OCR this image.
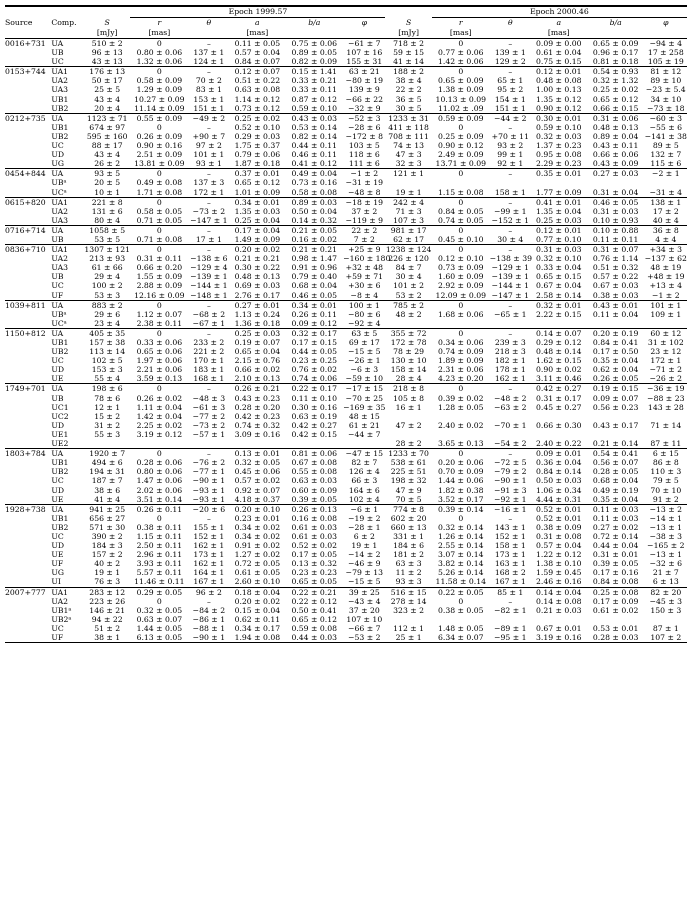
			Epoch 1999.57						Epoch 2000.46				
Source	Comp.	S	r	θ	a	b/a	φ	S	r	θ	a	b/a	φ
		[mJy]	[mas]		[mas]			[mJy]	[mas]		[mas]		
0016+731	UA	510 ± 2	0	–	0.11 ± 0.05	0.75 ± 0.06	−61 ± 7	718 ± 2	0	–	0.09 ± 0.00	0.65 ± 0.09	−94 ± 4
	UB	96 ± 13	0.80 ± 0.06	137 ± 1	0.57 ± 0.04	0.89 ± 0.05	107 ± 16	59 ± 15	0.77 ± 0.06	139 ± 1	0.61 ± 0.04	0.96 ± 0.17	17 ± 258
	UC	43 ± 13	1.32 ± 0.06	124 ± 1	0.84 ± 0.07	0.82 ± 0.09	155 ± 31	41 ± 14	1.42 ± 0.06	129 ± 2	0.75 ± 0.15	0.81 ± 0.18	105 ± 19
0153+744	UA1	176 ± 13	0	–	0.12 ± 0.07	0.15 ± 1.41	63 ± 21	188 ± 2	0	–	0.12 ± 0.01	0.54 ± 0.93	81 ± 12
	UA2	50 ± 17	0.58 ± 0.09	70 ± 2	0.51 ± 0.22	0.33 ± 0.21	−80 ± 19	38 ± 4	0.65 ± 0.09	65 ± 1	0.48 ± 0.08	0.32 ± 1.32	89 ± 10
	UA3	25 ± 5	1.29 ± 0.09	83 ± 1	0.63 ± 0.08	0.33 ± 0.11	139 ± 9	22 ± 2	1.38 ± 0.09	95 ± 2	1.00 ± 0.13	0.25 ± 0.02	−23 ± 5.4
	UB1	43 ± 4	10.27 ± 0.09	153 ± 1	1.14 ± 0.12	0.87 ± 0.12	−66 ± 22	36 ± 5	10.13 ± 0.09	154 ± 1	1.35 ± 0.12	0.65 ± 0.12	34 ± 10
	UB2	20 ± 4	11.14 ± 0.09	151 ± 1	0.73 ± 0.12	0.59 ± 0.10	−32 ± 9	30 ± 5	11.02 ± .09	151 ± 1	0.90 ± 0.12	0.66 ± 0.15	−73 ± 18
0212+735	UA	1123 ± 71	0.55 ± 0.09	−49 ± 2	0.25 ± 0.02	0.43 ± 0.03	−52 ± 3	1233 ± 31	0.59 ± 0.09	−44 ± 2	0.30 ± 0.01	0.31 ± 0.06	−60 ± 3
	UB1	674 ± 97	0	–	0.52 ± 0.10	0.53 ± 0.14	−28 ± 6	411 ± 118	0	–	0.59 ± 0.10	0.48 ± 0.13	−55 ± 6
	UB2	595 ± 160	0.26 ± 0.09	+90 ± 7	0.29 ± 0.03	0.82 ± 0.14	−172 ± 8	708 ± 111	0.25 ± 0.09	+70 ± 11	0.32 ± 0.03	0.89 ± 0.04	−141 ± 38
	UC	88 ± 17	0.90 ± 0.16	97 ± 2	1.75 ± 0.37	0.44 ± 0.11	103 ± 5	74 ± 13	0.90 ± 0.12	93 ± 2	1.37 ± 0.23	0.43 ± 0.11	89 ± 5
	UD	43 ± 4	2.51 ± 0.09	101 ± 1	0.79 ± 0.06	0.46 ± 0.11	118 ± 6	47 ± 3	2.49 ± 0.09	99 ± 1	0.95 ± 0.08	0.66 ± 0.06	132 ± 7
	UG	26 ± 2	13.81 ± 0.09	93 ± 1	1.87 ± 0.18	0.41 ± 0.12	111 ± 6	32 ± 3	13.71 ± 0.09	92 ± 1	2.29 ± 0.23	0.43 ± 0.09	115 ± 6
0454+844	UA	93 ± 5	0	–	0.37 ± 0.01	0.49 ± 0.04	−1 ± 2	121 ± 1	0	–	0.35 ± 0.01	0.27 ± 0.03	−2 ± 1
	UBᵃ	20 ± 5	0.49 ± 0.08	137 ± 3	0.65 ± 0.12	0.73 ± 0.16	−31 ± 19						
	UCᵃ	10 ± 1	1.71 ± 0.08	172 ± 1	1.01 ± 0.09	0.58 ± 0.08	−48 ± 8	19 ± 1	1.15 ± 0.08	158 ± 1	1.77 ± 0.09	0.31 ± 0.04	−31 ± 4
0615+820	UA1	221 ± 8	0	–	0.34 ± 0.01	0.89 ± 0.03	−18 ± 19	242 ± 4	0	–	0.41 ± 0.01	0.46 ± 0.05	138 ± 1
	UA2	131 ± 6	0.58 ± 0.05	−73 ± 2	1.35 ± 0.03	0.50 ± 0.04	37 ± 2	71 ± 3	0.84 ± 0.05	−99 ± 1	1.35 ± 0.04	0.31 ± 0.03	17 ± 2
	UA3	80 ± 4	0.71 ± 0.05	−147 ± 1	0.25 ± 0.04	0.14 ± 0.32	−119 ± 9	107 ± 3	0.74 ± 0.05	−152 ± 1	0.25 ± 0.03	0.10 ± 0.93	40 ± 4
0716+714	UA	1058 ± 5	0	–	0.17 ± 0.04	0.21 ± 0.05	22 ± 2	981 ± 17	0	–	0.12 ± 0.01	0.10 ± 0.88	36 ± 8
	UB	53 ± 5	0.71 ± 0.08	17 ± 1	1.49 ± 0.09	0.16 ± 0.02	7 ± 2	62 ± 17	0.45 ± 0.10	30 ± 4	0.77 ± 0.10	0.11 ± 0.11	4 ± 4
0836+710	UA1	1307 ± 121	0	–	0.20 ± 0.02	0.21 ± 0.21	+25 ± 9	1238 ± 124	0	–	0.31 ± 0.03	0.31 ± 0.07	+34 ± 3
	UA2	213 ± 93	0.31 ± 0.11	−138 ± 6	0.21 ± 0.21	0.98 ± 1.47	−160 ± 180	226 ± 120	0.12 ± 0.10	−138 ± 39	0.32 ± 0.10	0.76 ± 1.14	−137 ± 62
	UA3	61 ± 66	0.66 ± 0.20	−129 ± 4	0.30 ± 0.22	0.91 ± 0.96	+32 ± 48	84 ± 7	0.73 ± 0.09	−129 ± 1	0.33 ± 0.04	0.51 ± 0.32	48 ± 19
	UB	29 ± 4	1.55 ± 0.09	−139 ± 1	0.48 ± 0.13	0.79 ± 0.40	+59 ± 71	30 ± 4	1.60 ± 0.09	−139 ± 1	0.65 ± 0.15	0.57 ± 0.22	+48 ± 19
	UC	100 ± 2	2.88 ± 0.09	−144 ± 1	0.69 ± 0.03	0.68 ± 0.04	+30 ± 6	101 ± 2	2.92 ± 0.09	−144 ± 1	0.67 ± 0.04	0.67 ± 0.03	+13 ± 4
	UF	53 ± 3	12.16 ± 0.09	−148 ± 1	2.76 ± 0.17	0.46 ± 0.05	−8 ± 4	53 ± 2	12.09 ± 0.09	−147 ± 1	2.58 ± 0.14	0.38 ± 0.03	−1 ± 2
1039+811	UA	883 ± 2	0	–	0.27 ± 0.01	0.34 ± 0.01	100 ± 1	785 ± 2	0	–	0.32 ± 0.01	0.43 ± 0.01	101 ± 1
	UBᵃ	29 ± 6	1.12 ± 0.07	−68 ± 2	1.13 ± 0.24	0.26 ± 0.11	−80 ± 6	48 ± 2	1.68 ± 0.06	−65 ± 1	2.22 ± 0.15	0.11 ± 0.04	109 ± 1
	UCᵃ	23 ± 4	2.38 ± 0.11	−67 ± 1	1.36 ± 0.18	0.09 ± 0.12	−92 ± 4						
1150+812	UA	405 ± 35	0	–	0.25 ± 0.03	0.32 ± 0.17	63 ± 5	355 ± 72	0	–	0.14 ± 0.07	0.20 ± 0.19	60 ± 12
	UB1	157 ± 38	0.33 ± 0.06	233 ± 2	0.19 ± 0.07	0.17 ± 0.15	69 ± 17	172 ± 78	0.34 ± 0.06	239 ± 3	0.29 ± 0.12	0.84 ± 0.41	31 ± 102
	UB2	113 ± 14	0.65 ± 0.06	221 ± 2	0.65 ± 0.04	0.44 ± 0.05	−15 ± 5	78 ± 29	0.74 ± 0.09	218 ± 3	0.48 ± 0.14	0.17 ± 0.50	23 ± 12
	UC	102 ± 5	1.97 ± 0.06	170 ± 1	2.15 ± 0.76	0.23 ± 0.25	−26 ± 1	130 ± 10	1.89 ± 0.09	182 ± 1	1.62 ± 0.15	0.35 ± 0.04	172 ± 1
	UD	153 ± 3	2.21 ± 0.06	183 ± 1	0.66 ± 0.02	0.76 ± 0.02	−6 ± 3	158 ± 14	2.31 ± 0.06	178 ± 1	0.90 ± 0.02	0.62 ± 0.04	−71 ± 2
	UE	55 ± 4	3.59 ± 0.13	168 ± 1	2.10 ± 0.13	0.74 ± 0.06	−59 ± 10	28 ± 4	4.23 ± 0.20	162 ± 1	3.11 ± 0.46	0.26 ± 0.05	−26 ± 2
1749+701	UA	198 ± 6	0	–	0.26 ± 0.21	0.22 ± 0.17	−17 ± 15	218 ± 8	0	–	0.42 ± 0.27	0.19 ± 0.15	−36 ± 19
	UB	78 ± 6	0.26 ± 0.02	−48 ± 3	0.43 ± 0.23	0.11 ± 0.10	−70 ± 25	105 ± 8	0.39 ± 0.02	−48 ± 2	0.31 ± 0.17	0.09 ± 0.07	−88 ± 23
	UC1	12 ± 1	1.11 ± 0.04	−61 ± 3	0.28 ± 0.20	0.30 ± 0.16	−169 ± 35	16 ± 1	1.28 ± 0.05	−63 ± 2	0.45 ± 0.27	0.56 ± 0.23	143 ± 28
	UC2	15 ± 2	1.42 ± 0.04	−77 ± 2	0.42 ± 0.23	0.63 ± 0.19	48 ± 15						
	UD	31 ± 2	2.25 ± 0.02	−73 ± 2	0.74 ± 0.32	0.42 ± 0.27	61 ± 21	47 ± 2	2.40 ± 0.02	−70 ± 1	0.66 ± 0.30	0.43 ± 0.17	71 ± 14
	UE1	55 ± 3	3.19 ± 0.12	−57 ± 1	3.09 ± 0.16	0.42 ± 0.15	−44 ± 7						
	UE2							28 ± 2	3.65 ± 0.13	−54 ± 2	2.40 ± 0.22	0.21 ± 0.14	87 ± 11
1803+784	UA	1920 ± 7	0	–	0.13 ± 0.01	0.81 ± 0.06	−47 ± 15	1233 ± 70	0	–	0.09 ± 0.01	0.54 ± 0.41	6 ± 15
	UB1	494 ± 6	0.28 ± 0.06	−76 ± 2	0.32 ± 0.05	0.67 ± 0.08	82 ± 7	538 ± 61	0.20 ± 0.06	−72 ± 5	0.36 ± 0.04	0.56 ± 0.07	86 ± 8
	UB2	194 ± 31	0.80 ± 0.06	−77 ± 1	0.45 ± 0.06	0.55 ± 0.08	126 ± 4	225 ± 51	0.70 ± 0.09	−79 ± 2	0.84 ± 0.14	0.28 ± 0.05	110 ± 3
	UC	187 ± 7	1.47 ± 0.06	−90 ± 1	0.57 ± 0.02	0.63 ± 0.03	66 ± 3	198 ± 32	1.44 ± 0.06	−90 ± 1	0.50 ± 0.03	0.68 ± 0.04	79 ± 5
	UD	38 ± 6	2.02 ± 0.06	−93 ± 1	0.92 ± 0.07	0.60 ± 0.09	164 ± 6	47 ± 9	1.82 ± 0.38	−91 ± 3	1.06 ± 0.34	0.49 ± 0.19	70 ± 10
	UE	41 ± 4	3.51 ± 0.14	−93 ± 1	4.18 ± 0.37	0.39 ± 0.05	102 ± 4	70 ± 5	3.52 ± 0.17	−92 ± 1	4.44 ± 0.31	0.35 ± 0.04	91 ± 2
1928+738	UA	941 ± 25	0.26 ± 0.11	−20 ± 6	0.20 ± 0.10	0.26 ± 0.13	−6 ± 1	774 ± 8	0.39 ± 0.14	−16 ± 1	0.52 ± 0.01	0.11 ± 0.03	−13 ± 2
	UB1	656 ± 27	0	–	0.23 ± 0.01	0.16 ± 0.08	−19 ± 2	602 ± 20	0	–	0.52 ± 0.01	0.11 ± 0.03	−14 ± 1
	UB2	571 ± 30	0.38 ± 0.11	155 ± 1	0.34 ± 0.02	0.61 ± 0.03	−28 ± 1	660 ± 13	0.32 ± 0.14	143 ± 1	0.38 ± 0.09	0.27 ± 0.02	−13 ± 1
	UC	390 ± 2	1.15 ± 0.11	152 ± 1	0.34 ± 0.02	0.61 ± 0.03	6 ± 2	331 ± 1	1.26 ± 0.14	152 ± 1	0.31 ± 0.08	0.72 ± 0.14	−38 ± 3
	UD	184 ± 3	2.50 ± 0.11	162 ± 1	0.91 ± 0.02	0.52 ± 0.02	19 ± 1	184 ± 6	2.55 ± 0.14	158 ± 1	0.57 ± 0.04	0.44 ± 0.04	−165 ± 2
	UE	157 ± 2	2.96 ± 0.11	173 ± 1	1.27 ± 0.02	0.17 ± 0.05	−14 ± 2	181 ± 2	3.07 ± 0.14	173 ± 1	1.22 ± 0.12	0.31 ± 0.01	−13 ± 1
	UF	40 ± 2	3.93 ± 0.11	162 ± 1	0.72 ± 0.05	0.13 ± 0.32	−46 ± 9	63 ± 3	3.82 ± 0.14	163 ± 1	1.38 ± 0.10	0.39 ± 0.05	−32 ± 6
	UG	19 ± 1	5.57 ± 0.11	164 ± 1	0.61 ± 0.05	0.23 ± 0.23	−79 ± 13	11 ± 2	5.26 ± 0.14	168 ± 2	1.59 ± 0.45	0.17 ± 0.16	21 ± 7
	UI	76 ± 3	11.46 ± 0.11	167 ± 1	2.60 ± 0.10	0.65 ± 0.05	−15 ± 5	93 ± 3	11.58 ± 0.14	167 ± 1	2.46 ± 0.16	0.84 ± 0.08	6 ± 13
2007+777	UA1	283 ± 12	0.29 ± 0.05	96 ± 2	0.18 ± 0.04	0.22 ± 0.21	39 ± 25	516 ± 15	0.22 ± 0.05	85 ± 1	0.14 ± 0.04	0.25 ± 0.08	82 ± 20
	UA2	223 ± 26	0	–	0.20 ± 0.02	0.22 ± 0.12	−43 ± 4	278 ± 14	0	–	0.14 ± 0.08	0.17 ± 0.09	−45 ± 3
	UB1ᵃ	146 ± 21	0.32 ± 0.05	−84 ± 2	0.15 ± 0.04	0.50 ± 0.41	37 ± 20	323 ± 2	0.38 ± 0.05	−82 ± 1	0.21 ± 0.03	0.61 ± 0.02	150 ± 3
	UB2ᵃ	94 ± 22	0.63 ± 0.07	−86 ± 1	0.62 ± 0.11	0.65 ± 0.12	107 ± 10						
	UC	51 ± 2	1.44 ± 0.05	−88 ± 1	0.34 ± 0.17	0.59 ± 0.08	−66 ± 7	112 ± 1	1.48 ± 0.05	−89 ± 1	0.67 ± 0.01	0.53 ± 0.01	87 ± 1
	UF	38 ± 1	6.13 ± 0.05	−90 ± 1	1.94 ± 0.08	0.44 ± 0.03	−53 ± 2	25 ± 1	6.34 ± 0.07	−95 ± 1	3.19 ± 0.16	0.28 ± 0.03	107 ± 2
